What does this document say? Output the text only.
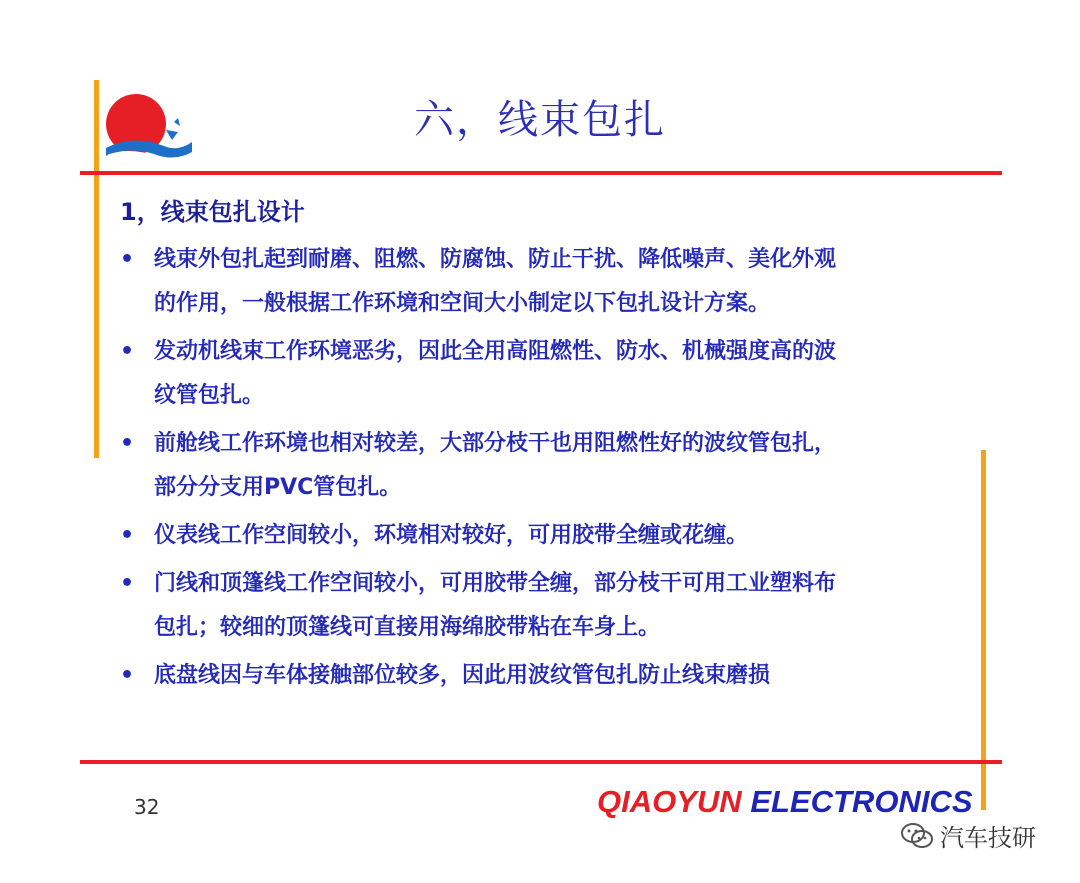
六，线束包扎
1，线束包扎设计
• 线束外包扎起到耐磨、阻燃、防腐蚀、防止干扰、降低噪声、美化外观
的作用，一般根据工作环境和空间大小制定以下包扎设计方案。
• 发动机线束工作环境恶劣，因此全用高阻燃性、防水、机械强度高的波
纹管包扎。
• 前舱线工作环境也相对较差，大部分枝干也用阻燃性好的波纹管包扎，
部分分支用PVC管包扎。
• 仪表线工作空间较小，环境相对较好，可用胶带全缠或花缠。
• 门线和顶篷线工作空间较小，可用胶带全缠，部分枝干可用工业塑料布
包扎；较细的顶篷线可直接用海绵胶带粘在车身上。
• 底盘线因与车体接触部位较多，因此用波纹管包扎防止线束磨损
32	QIAOYUN ELECTRONICS
汽车技研
